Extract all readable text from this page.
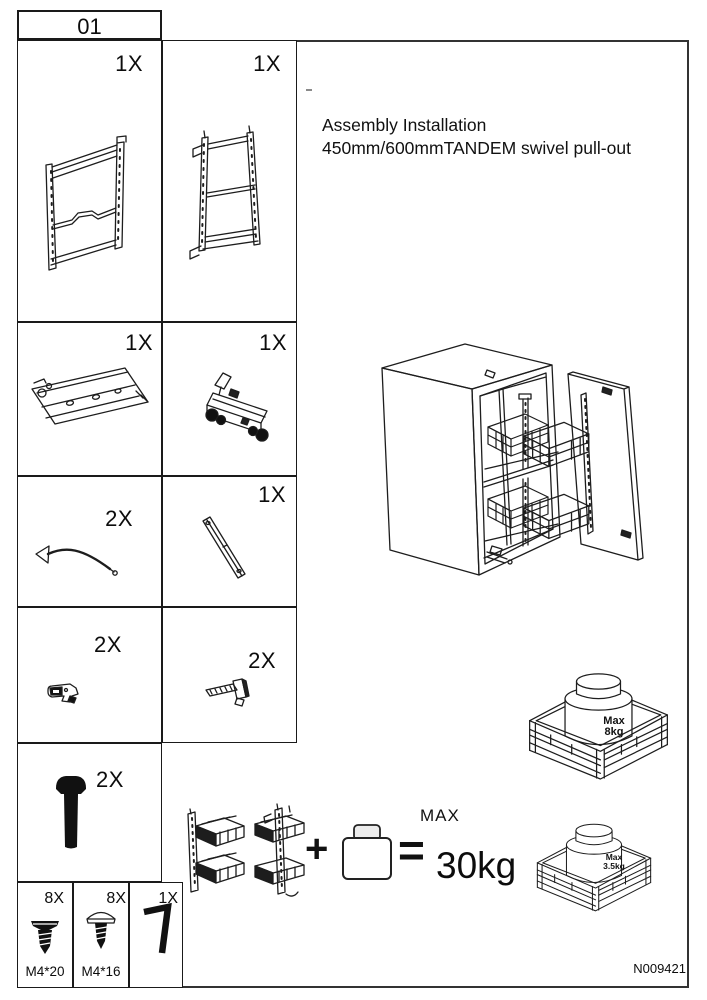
01
1X	1X
1X	1X
2X
1X
2X
2X
2X
8X
M4*20
8X
M4*16
1X
Assembly Installation
450mm/600mmTANDEM swivel pull-out
Max
8kg
+ =
MAX
30kg	Max
3.5kg
N009421
